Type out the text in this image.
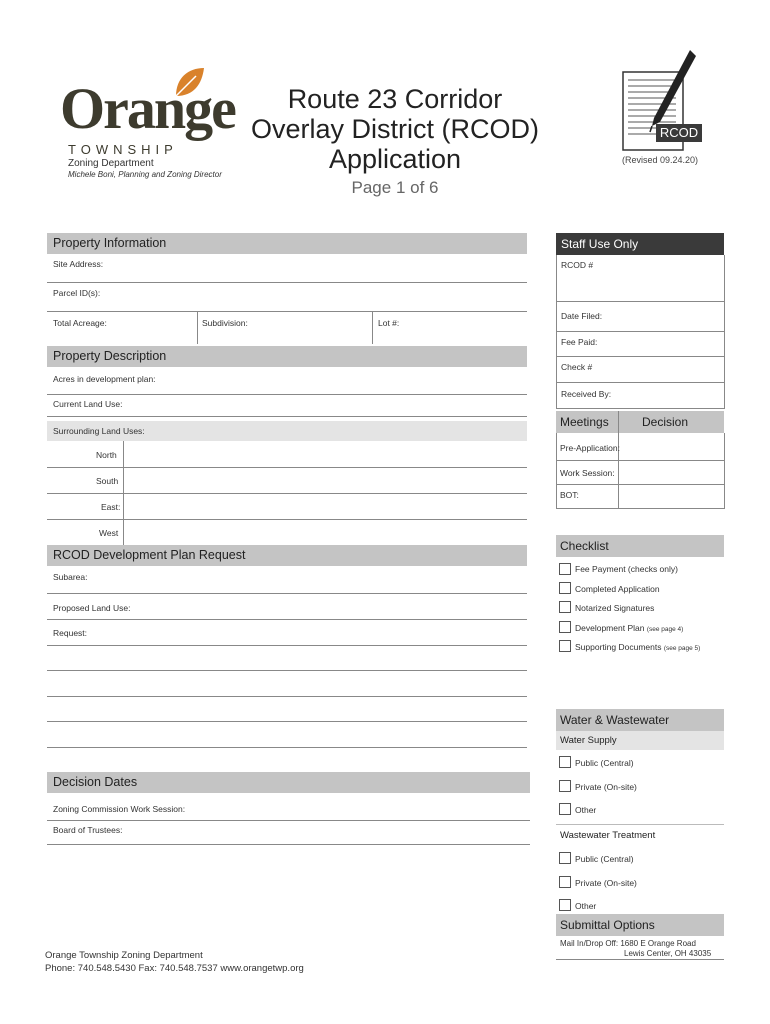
Orange
TOWNSHIP
Zoning Department
Michele Boni, Planning and Zoning Director
Route 23 Corridor
Overlay District (RCOD)
Application
Page 1 of 6
RCOD
(Revised 09.24.20)
Property Information
Site Address:
Parcel ID(s):
Total Acreage:	Subdivision:	Lot #:
Property Description
Acres in development plan:
Current Land Use:
Surrounding Land Uses:
North
South
East:
West
RCOD Development Plan Request
Subarea:
Proposed Land Use:
Request:
Decision Dates
Zoning Commission Work Session:
Board of Trustees:
Staff Use Only
RCOD #
Date Filed:
Fee Paid:
Check #
Received By:
Meetings	Decision
Pre-Application:
Work Session:
BOT:
Checklist
Fee Payment (checks only)
Completed Application
Notarized Signatures
Development Plan (see page 4)
Supporting Documents (see page 5)
Water & Wastewater
Water Supply
Public (Central)
Private (On-site)
Other
Wastewater Treatment
Public (Central)
Private (On-site)
Other
Submittal Options
Mail In/Drop Off: 1680 E Orange Road
Lewis Center, OH 43035
Orange Township Zoning Department
Phone: 740.548.5430 Fax: 740.548.7537 www.orangetwp.org
